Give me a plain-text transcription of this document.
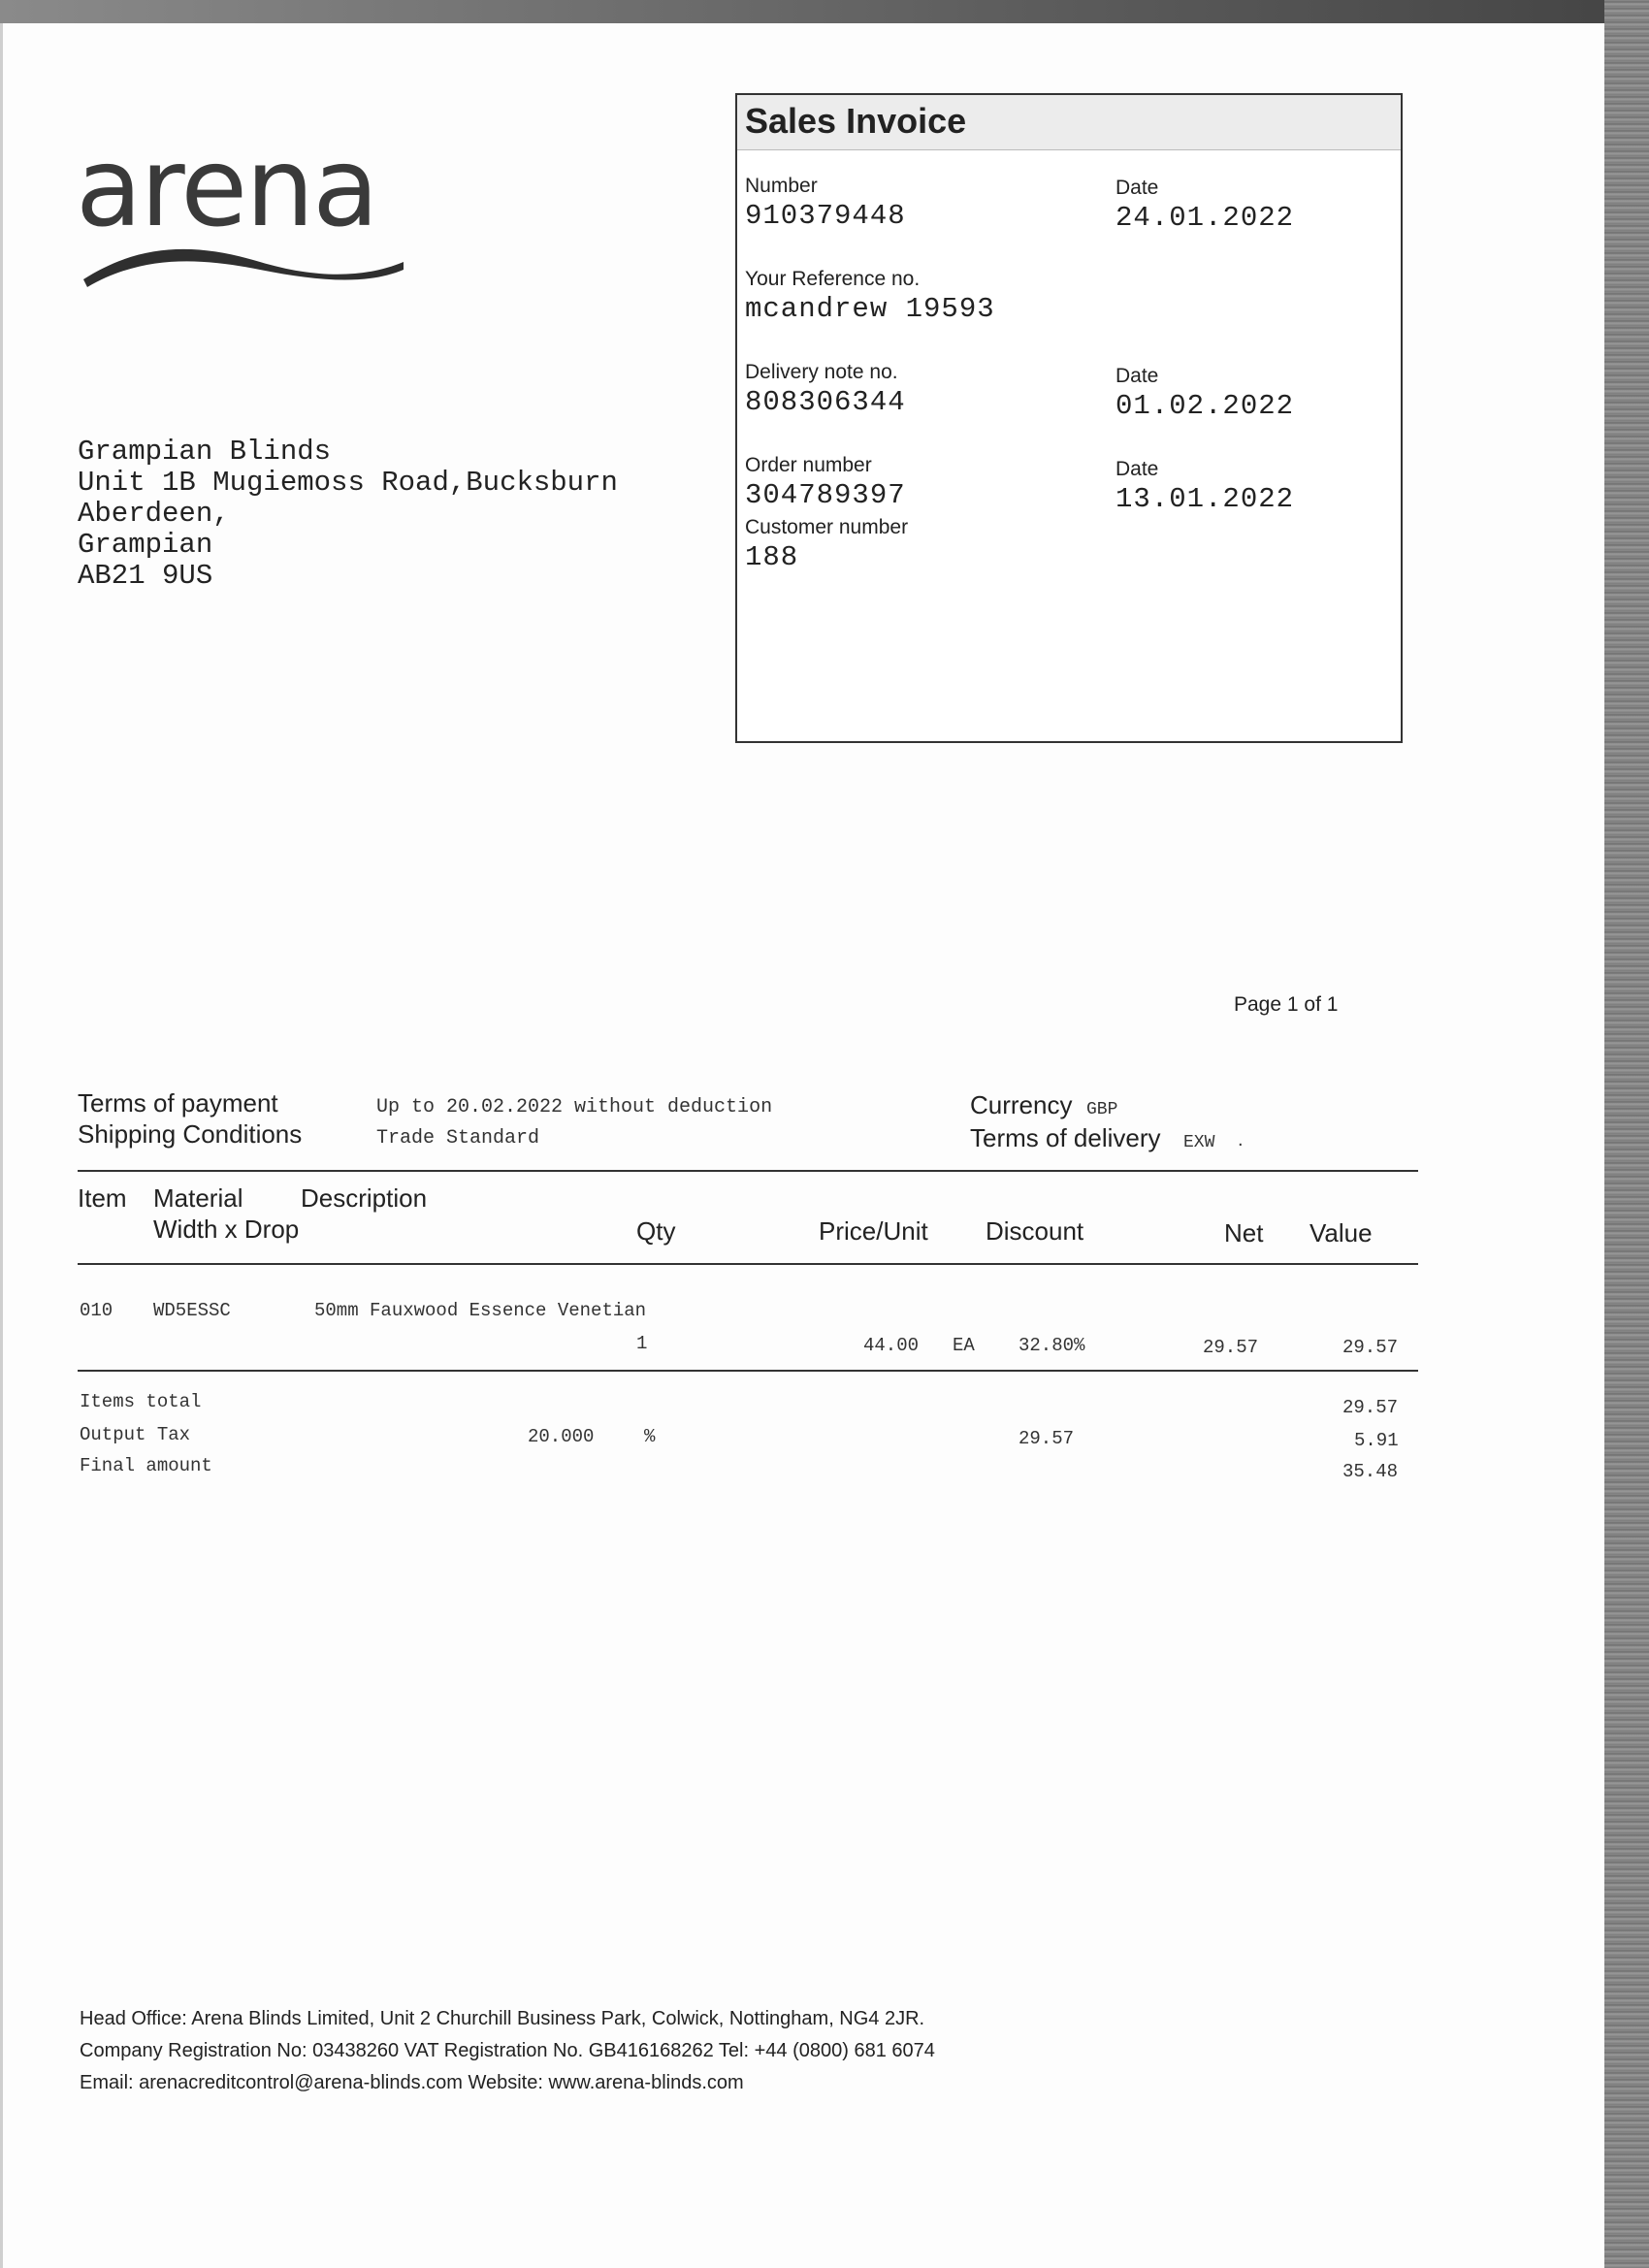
arena
Grampian Blinds
Unit 1B Mugiemoss Road,Bucksburn
Aberdeen,
Grampian
AB21 9US
Sales Invoice
Number
910379448
Date
24.01.2022
Your Reference no.
mcandrew 19593
Delivery note no.
808306344
Date
01.02.2022
Order number
304789397
Date
13.01.2022
Customer number
188
Page 1 of 1
Terms of payment	Up to 20.02.2022 without deduction
Shipping Conditions	Trade Standard
Currency GBP
Terms of delivery EXW .
Item Material Description
Width x Drop	Qty	Price/Unit Discount	Net Value
010 WD5ESSC	50mm Fauxwood Essence Venetian
1	44.00 EA 32.80%	29.57	29.57
Items total	29.57
Output Tax	20.000	%	29.57	5.91
Final amount	35.48
Head Office: Arena Blinds Limited, Unit 2 Churchill Business Park, Colwick, Nottingham, NG4 2JR.
Company Registration No: 03438260 VAT Registration No. GB416168262 Tel: +44 (0800) 681 6074
Email: arenacreditcontrol@arena-blinds.com Website: www.arena-blinds.com
